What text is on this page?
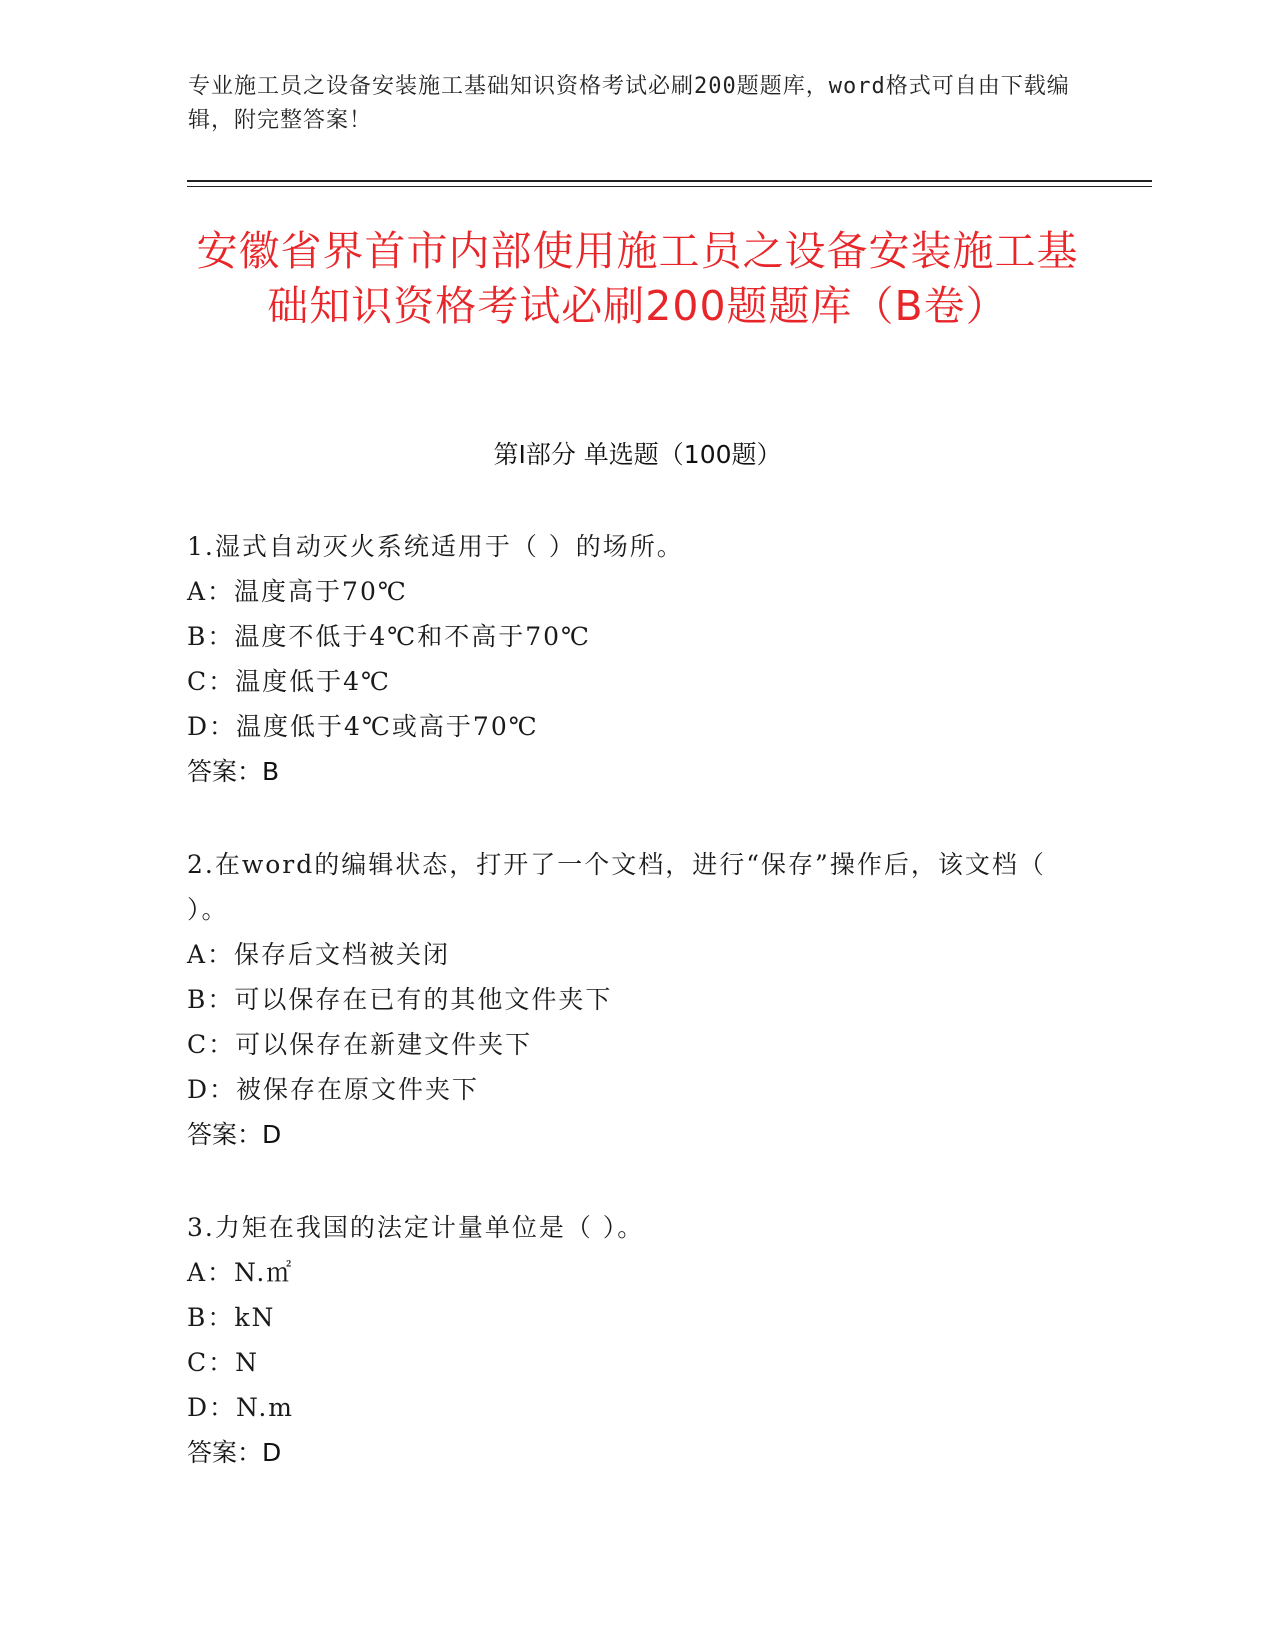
专业施工员之设备安装施工基础知识资格考试必刷200题题库，word格式可自由下载编辑，附完整答案！
安徽省界首市内部使用施工员之设备安装施工基础知识资格考试必刷200题题库（B卷）
第Ⅰ部分 单选题（100题）
1.湿式自动灭火系统适用于（ ）的场所。
A：温度高于70℃
B：温度不低于4℃和不高于70℃
C：温度低于4℃
D：温度低于4℃或高于70℃
答案：B
2.在word的编辑状态，打开了一个文档，进行“保存”操作后，该文档（ ）。
A：保存后文档被关闭
B：可以保存在已有的其他文件夹下
C：可以保存在新建文件夹下
D：被保存在原文件夹下
答案：D
3.力矩在我国的法定计量单位是（ ）。
A：N.㎡
B：kN
C：N
D：N.m
答案：D
